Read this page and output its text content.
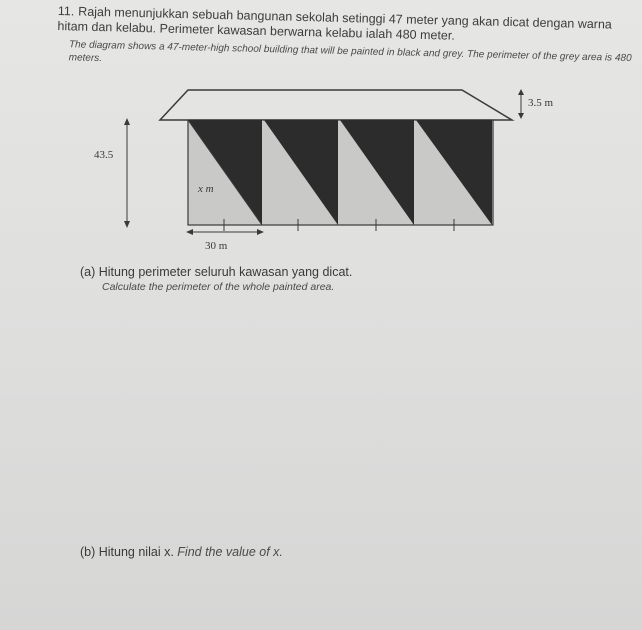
11. Rajah menunjukkan sebuah bangunan sekolah setinggi 47 meter yang akan dicat dengan warna hitam dan kelabu. Perimeter kawasan berwarna kelabu ialah 480 meter.
The diagram shows a 47-meter-high school building that will be painted in black and grey. The perimeter of the grey area is 480 meters.
3.5 m
43.5
x m
30 m
(a) Hitung perimeter seluruh kawasan yang dicat.
Calculate the perimeter of the whole painted area.
(b) Hitung nilai x. Find the value of x.
